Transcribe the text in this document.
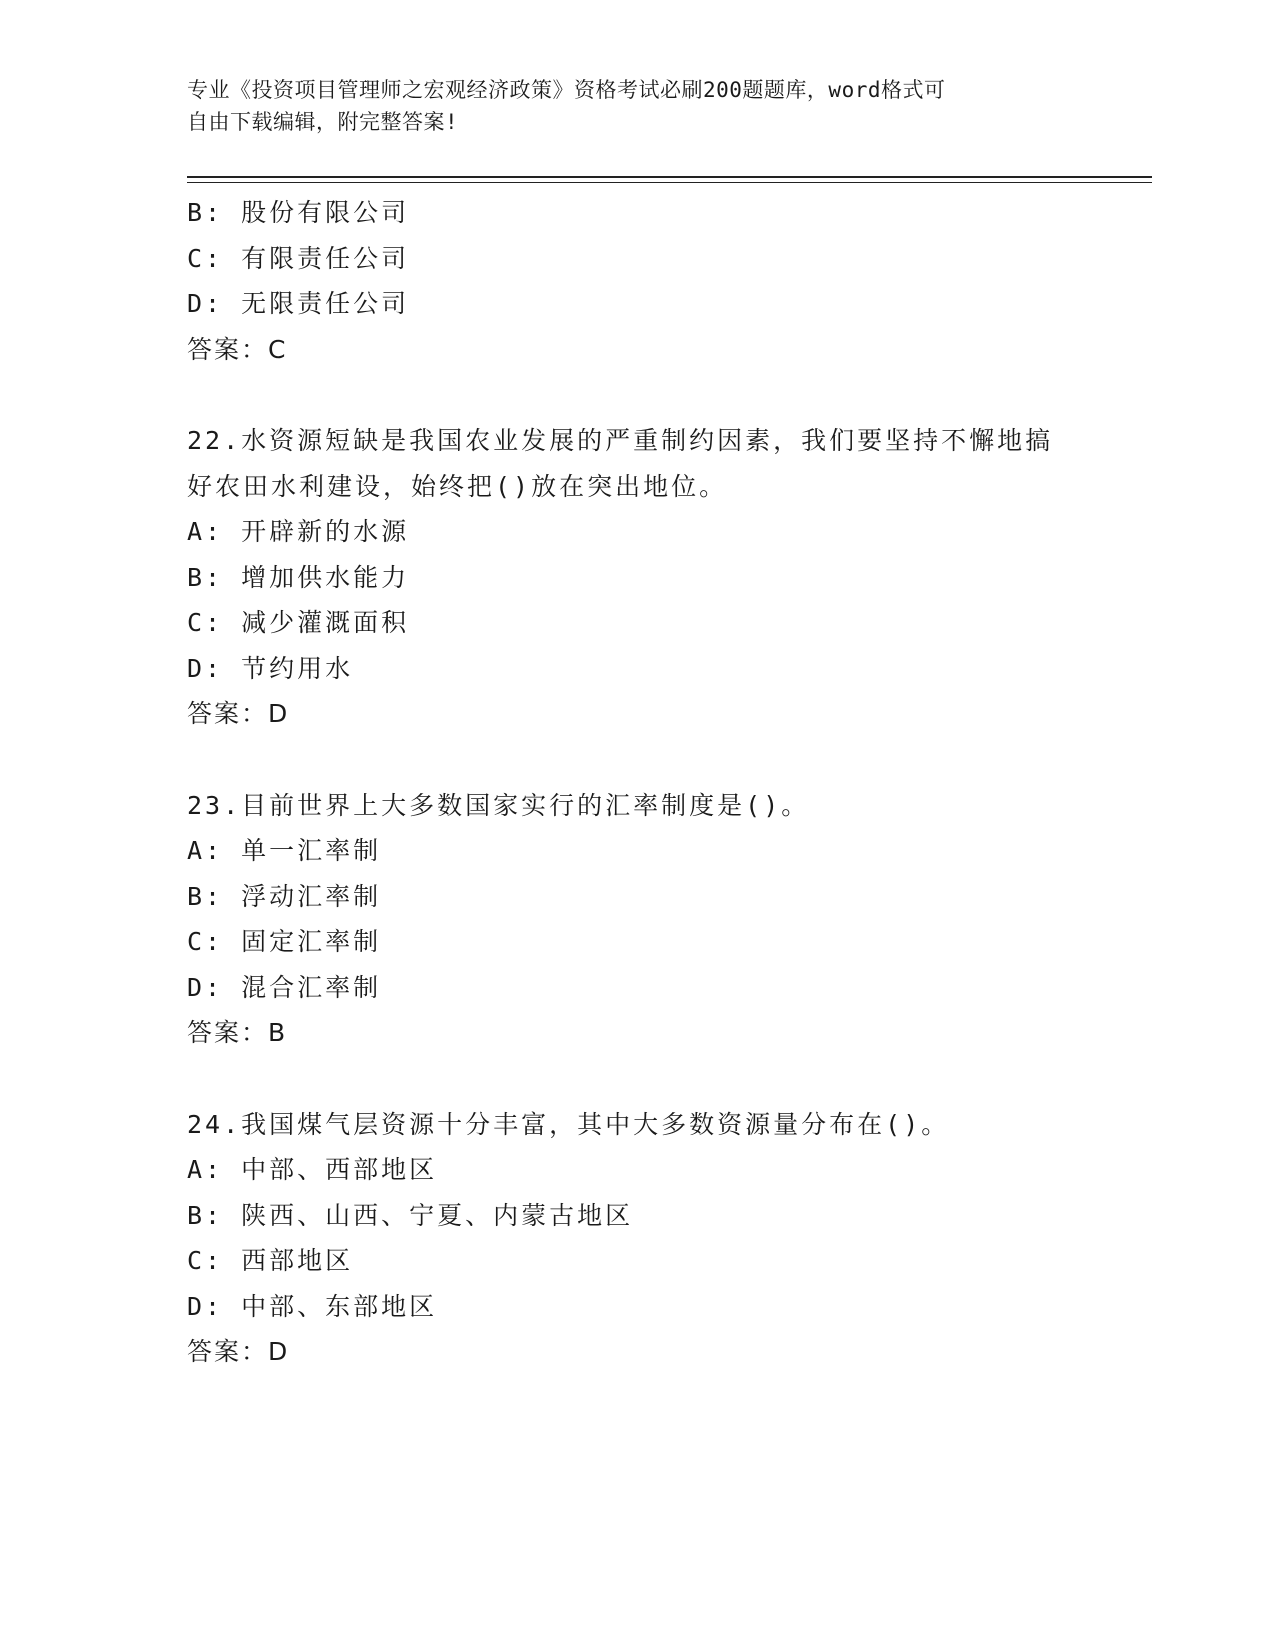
专业《投资项目管理师之宏观经济政策》资格考试必刷200题题库，word格式可
自由下载编辑，附完整答案!
B: 股份有限公司
C: 有限责任公司
D: 无限责任公司
答案：C
22.水资源短缺是我国农业发展的严重制约因素，我们要坚持不懈地搞
好农田水利建设，始终把()放在突出地位。
A: 开辟新的水源
B: 增加供水能力
C: 减少灌溉面积
D: 节约用水
答案：D
23.目前世界上大多数国家实行的汇率制度是()。
A: 单一汇率制
B: 浮动汇率制
C: 固定汇率制
D: 混合汇率制
答案：B
24.我国煤气层资源十分丰富，其中大多数资源量分布在()。
A: 中部、西部地区
B: 陕西、山西、宁夏、内蒙古地区
C: 西部地区
D: 中部、东部地区
答案：D
